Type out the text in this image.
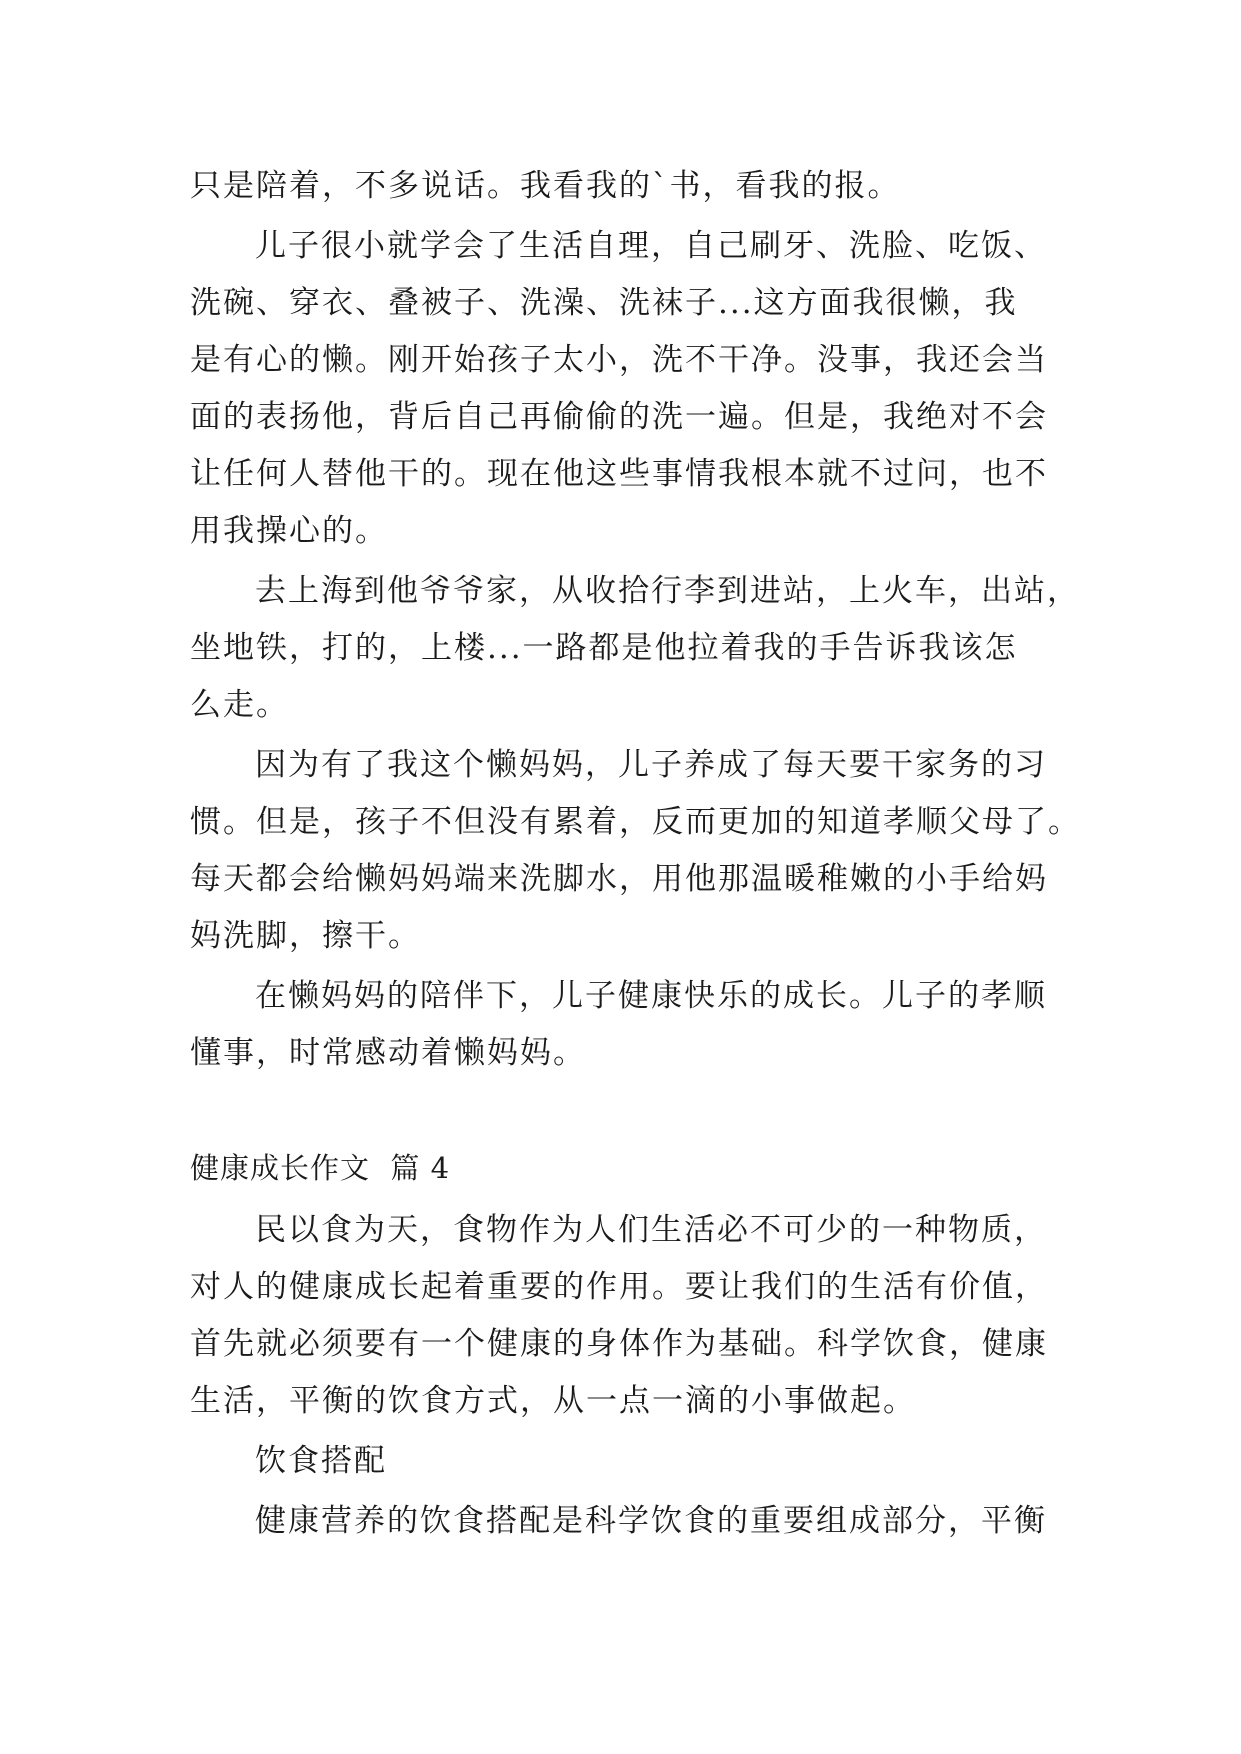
只是陪着，不多说话。我看我的`书，看我的报。
儿子很小就学会了生活自理，自己刷牙、洗脸、吃饭、
洗碗、穿衣、叠被子、洗澡、洗袜子...这方面我很懒，我
是有心的懒。刚开始孩子太小，洗不干净。没事，我还会当
面的表扬他，背后自己再偷偷的洗一遍。但是，我绝对不会
让任何人替他干的。现在他这些事情我根本就不过问，也不
用我操心的。
去上海到他爷爷家，从收拾行李到进站，上火车，出站，
坐地铁，打的，上楼...一路都是他拉着我的手告诉我该怎
么走。
因为有了我这个懒妈妈，儿子养成了每天要干家务的习
惯。但是，孩子不但没有累着，反而更加的知道孝顺父母了。
每天都会给懒妈妈端来洗脚水，用他那温暖稚嫩的小手给妈
妈洗脚，擦干。
在懒妈妈的陪伴下，儿子健康快乐的成长。儿子的孝顺
懂事，时常感动着懒妈妈。
健康成长作文  篇 4
民以食为天，食物作为人们生活必不可少的一种物质，
对人的健康成长起着重要的作用。要让我们的生活有价值，
首先就必须要有一个健康的身体作为基础。科学饮食，健康
生活，平衡的饮食方式，从一点一滴的小事做起。
饮食搭配
健康营养的饮食搭配是科学饮食的重要组成部分，平衡
